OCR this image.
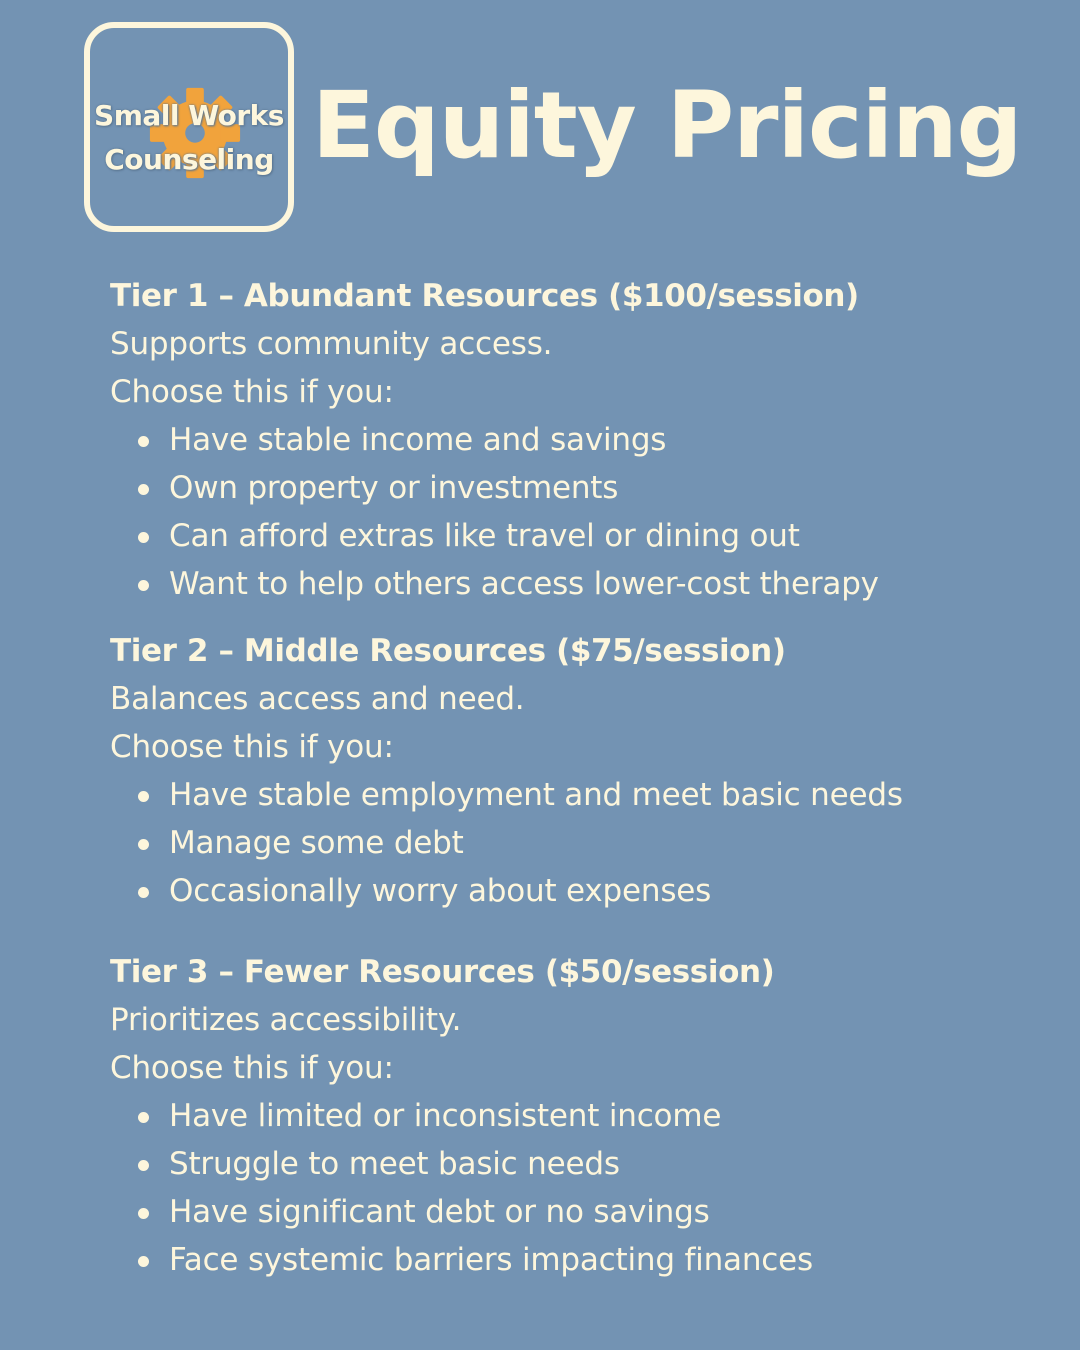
Small Works
Counseling Equity Pricing
Tier 1 – Abundant Resources ($100/session)
Supports community access.
Choose this if you:
Have stable income and savings
Own property or investments
Can afford extras like travel or dining out
Want to help others access lower-cost therapy
Tier 2 – Middle Resources ($75/session)
Balances access and need.
Choose this if you:
Have stable employment and meet basic needs
Manage some debt
Occasionally worry about expenses
Tier 3 – Fewer Resources ($50/session)
Prioritizes accessibility.
Choose this if you:
Have limited or inconsistent income
Struggle to meet basic needs
Have significant debt or no savings
Face systemic barriers impacting finances
